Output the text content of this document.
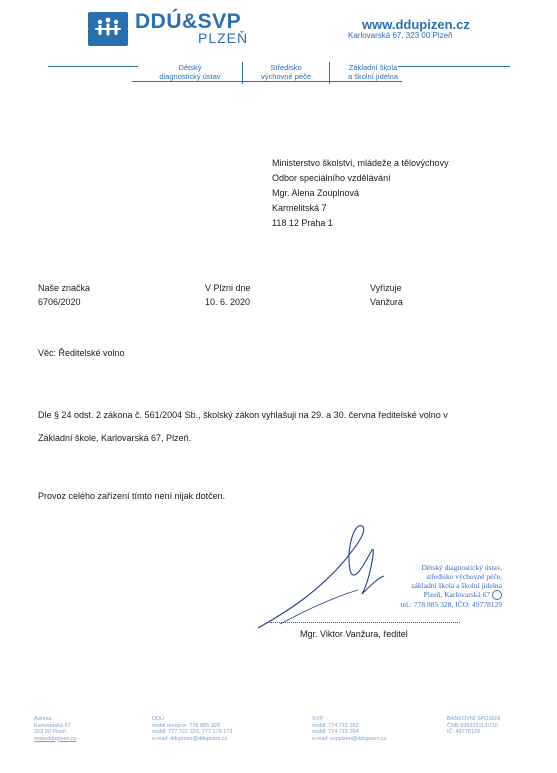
DDÚ&SVP
PLZEŇ
www.ddupizen.cz
Karlovarská 67, 323 00 Plzeň
Dětský
diagnostický ústav
Středisko
výchovné péče
Základní škola
a školní jídelna
Ministerstvo školství, mládeže a tělovýchovy
Odbor speciálního vzdělávání
Mgr. Alena Zouplnová
Karmelitská 7
118 12 Praha 1
Naše značka
6706/2020
V Plzni dne
10. 6. 2020
Vyřizuje
Vanžura
Věc: Ředitelské volno
Dle § 24 odst. 2 zákona č. 561/2004 Sb., školský zákon vyhlašuji na 29. a 30. června ředitelské volno v
Základní škole, Karlovarská 67, Plzeň.
Provoz celého zařízení tímto není nijak dotčen.
Dětský diagnostický ústav,
středisko výchovné péče,
základní škola a školní jídelna
Plzeň, Karlovarská 67
tel.: 778 885 328, IČO: 49778129
Mgr. Viktor Vanžura, ředitel
Adresa
Karlovarská 67
323 00 Plzeň
www.ddupizen.cz
DDÚ
mobil recepce: 778 885 328
mobil: 777 722 329, 777 179 173
e-mail: ddupizen@ddupizen.cz
SVP
mobil: 774 715 262
mobil: 774 715 264
e-mail: svpplzen@ddupizen.cz
BANKOVNÍ SPOJENÍ
ČNB 99932311/0710
IČ: 49778129
